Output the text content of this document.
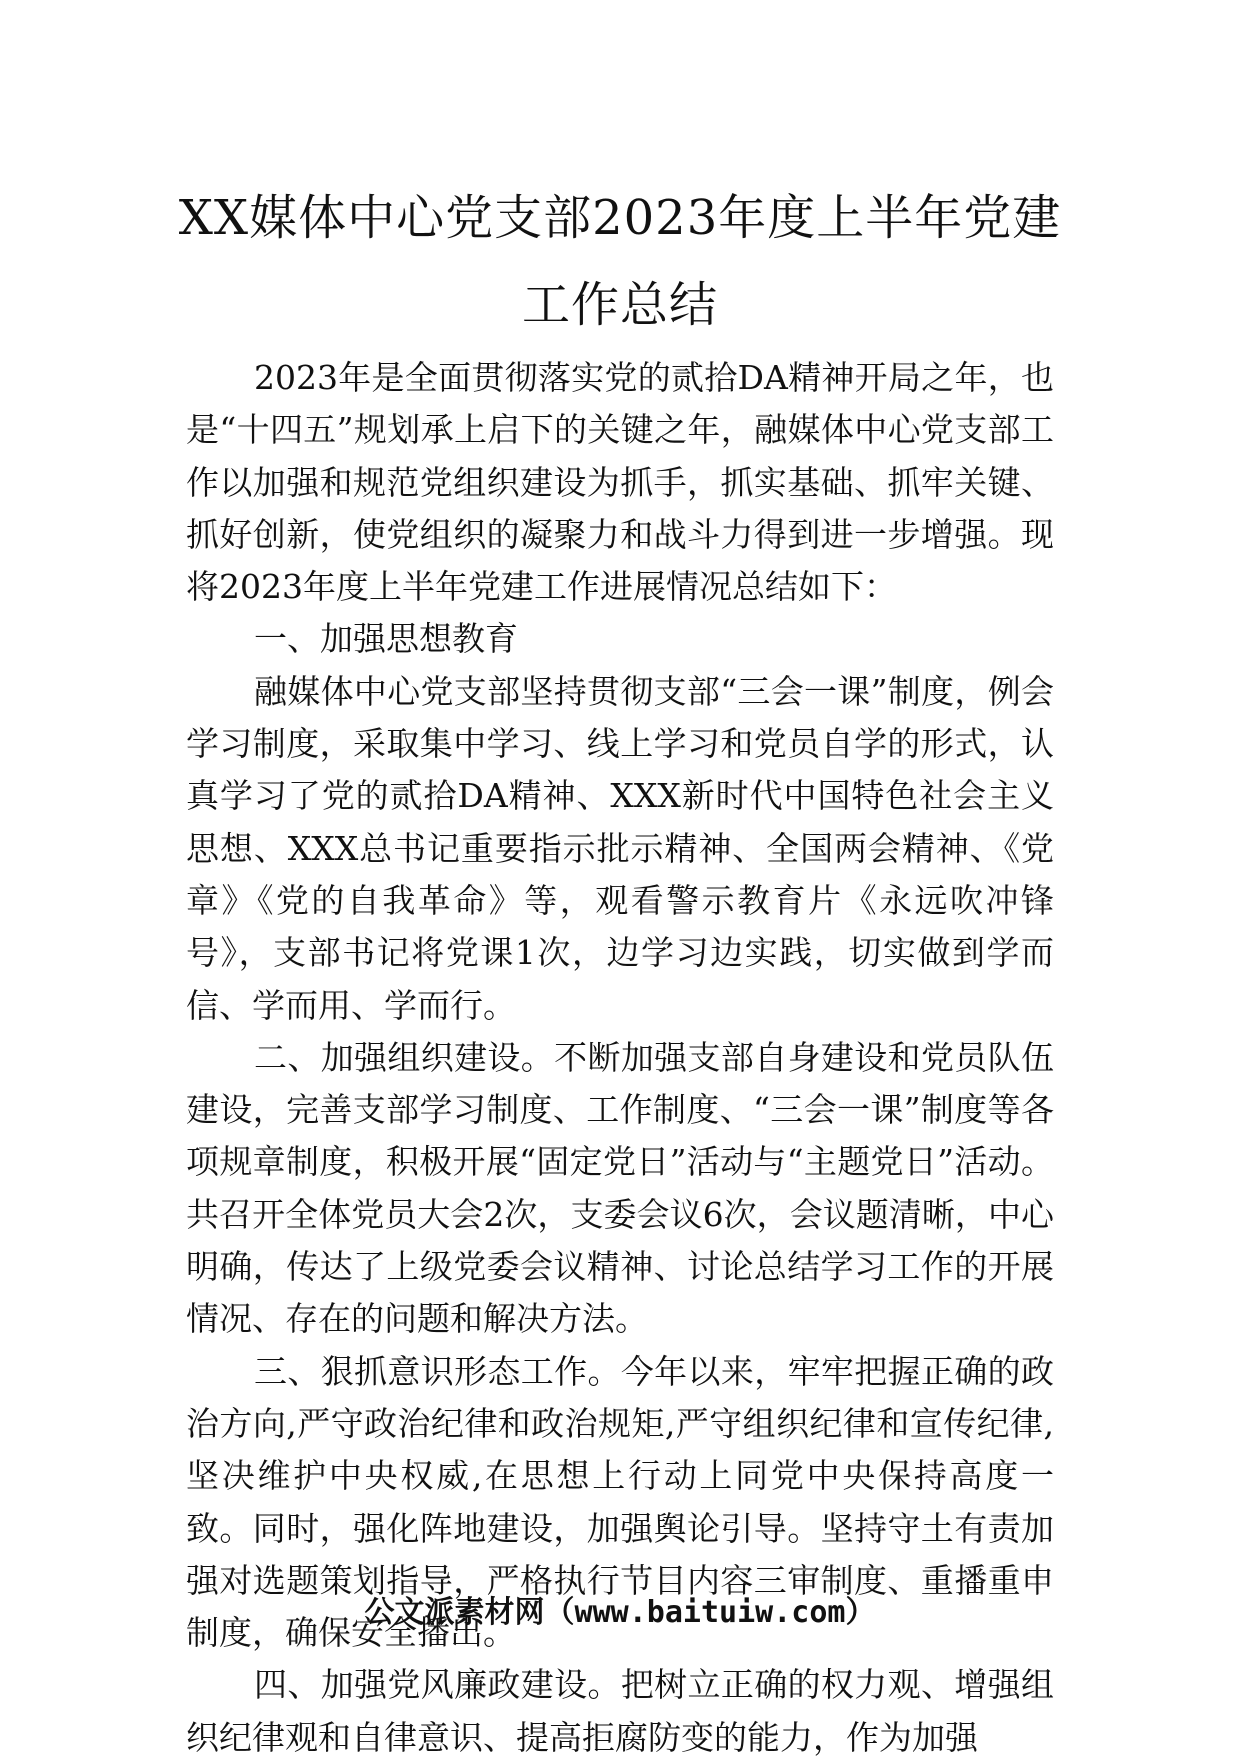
XX媒体中心党支部2023年度上半年党建
工作总结

2023年是全面贯彻落实党的贰拾DA精神开局之年，也是“十四五”规划承上启下的关键之年，融媒体中心党支部工作以加强和规范党组织建设为抓手，抓实基础、抓牢关键、抓好创新，使党组织的凝聚力和战斗力得到进一步增强。现将2023年度上半年党建工作进展情况总结如下：

一、加强思想教育

融媒体中心党支部坚持贯彻支部“三会一课”制度，例会学习制度，采取集中学习、线上学习和党员自学的形式，认真学习了党的贰拾DA精神、XXX新时代中国特色社会主义思想、XXX总书记重要指示批示精神、全国两会精神、《党章》《党的自我革命》等，观看警示教育片《永远吹冲锋号》，支部书记将党课1次，边学习边实践，切实做到学而信、学而用、学而行。

二、加强组织建设。不断加强支部自身建设和党员队伍建设，完善支部学习制度、工作制度、“三会一课”制度等各项规章制度，积极开展“固定党日”活动与“主题党日”活动。共召开全体党员大会2次，支委会议6次，会议题清晰，中心明确，传达了上级党委会议精神、讨论总结学习工作的开展情况、存在的问题和解决方法。

三、狠抓意识形态工作。今年以来，牢牢把握正确的政治方向,严守政治纪律和政治规矩,严守组织纪律和宣传纪律,坚决维护中央权威,在思想上行动上同党中央保持高度一致。同时，强化阵地建设，加强舆论引导。坚持守土有责加强对选题策划指导，严格执行节目内容三审制度、重播重申制度，确保安全播出。

四、加强党风廉政建设。把树立正确的权力观、增强组织纪律观和自律意识、提高拒腐防变的能力，作为加强

公文派素材网（www.baituiw.com）
